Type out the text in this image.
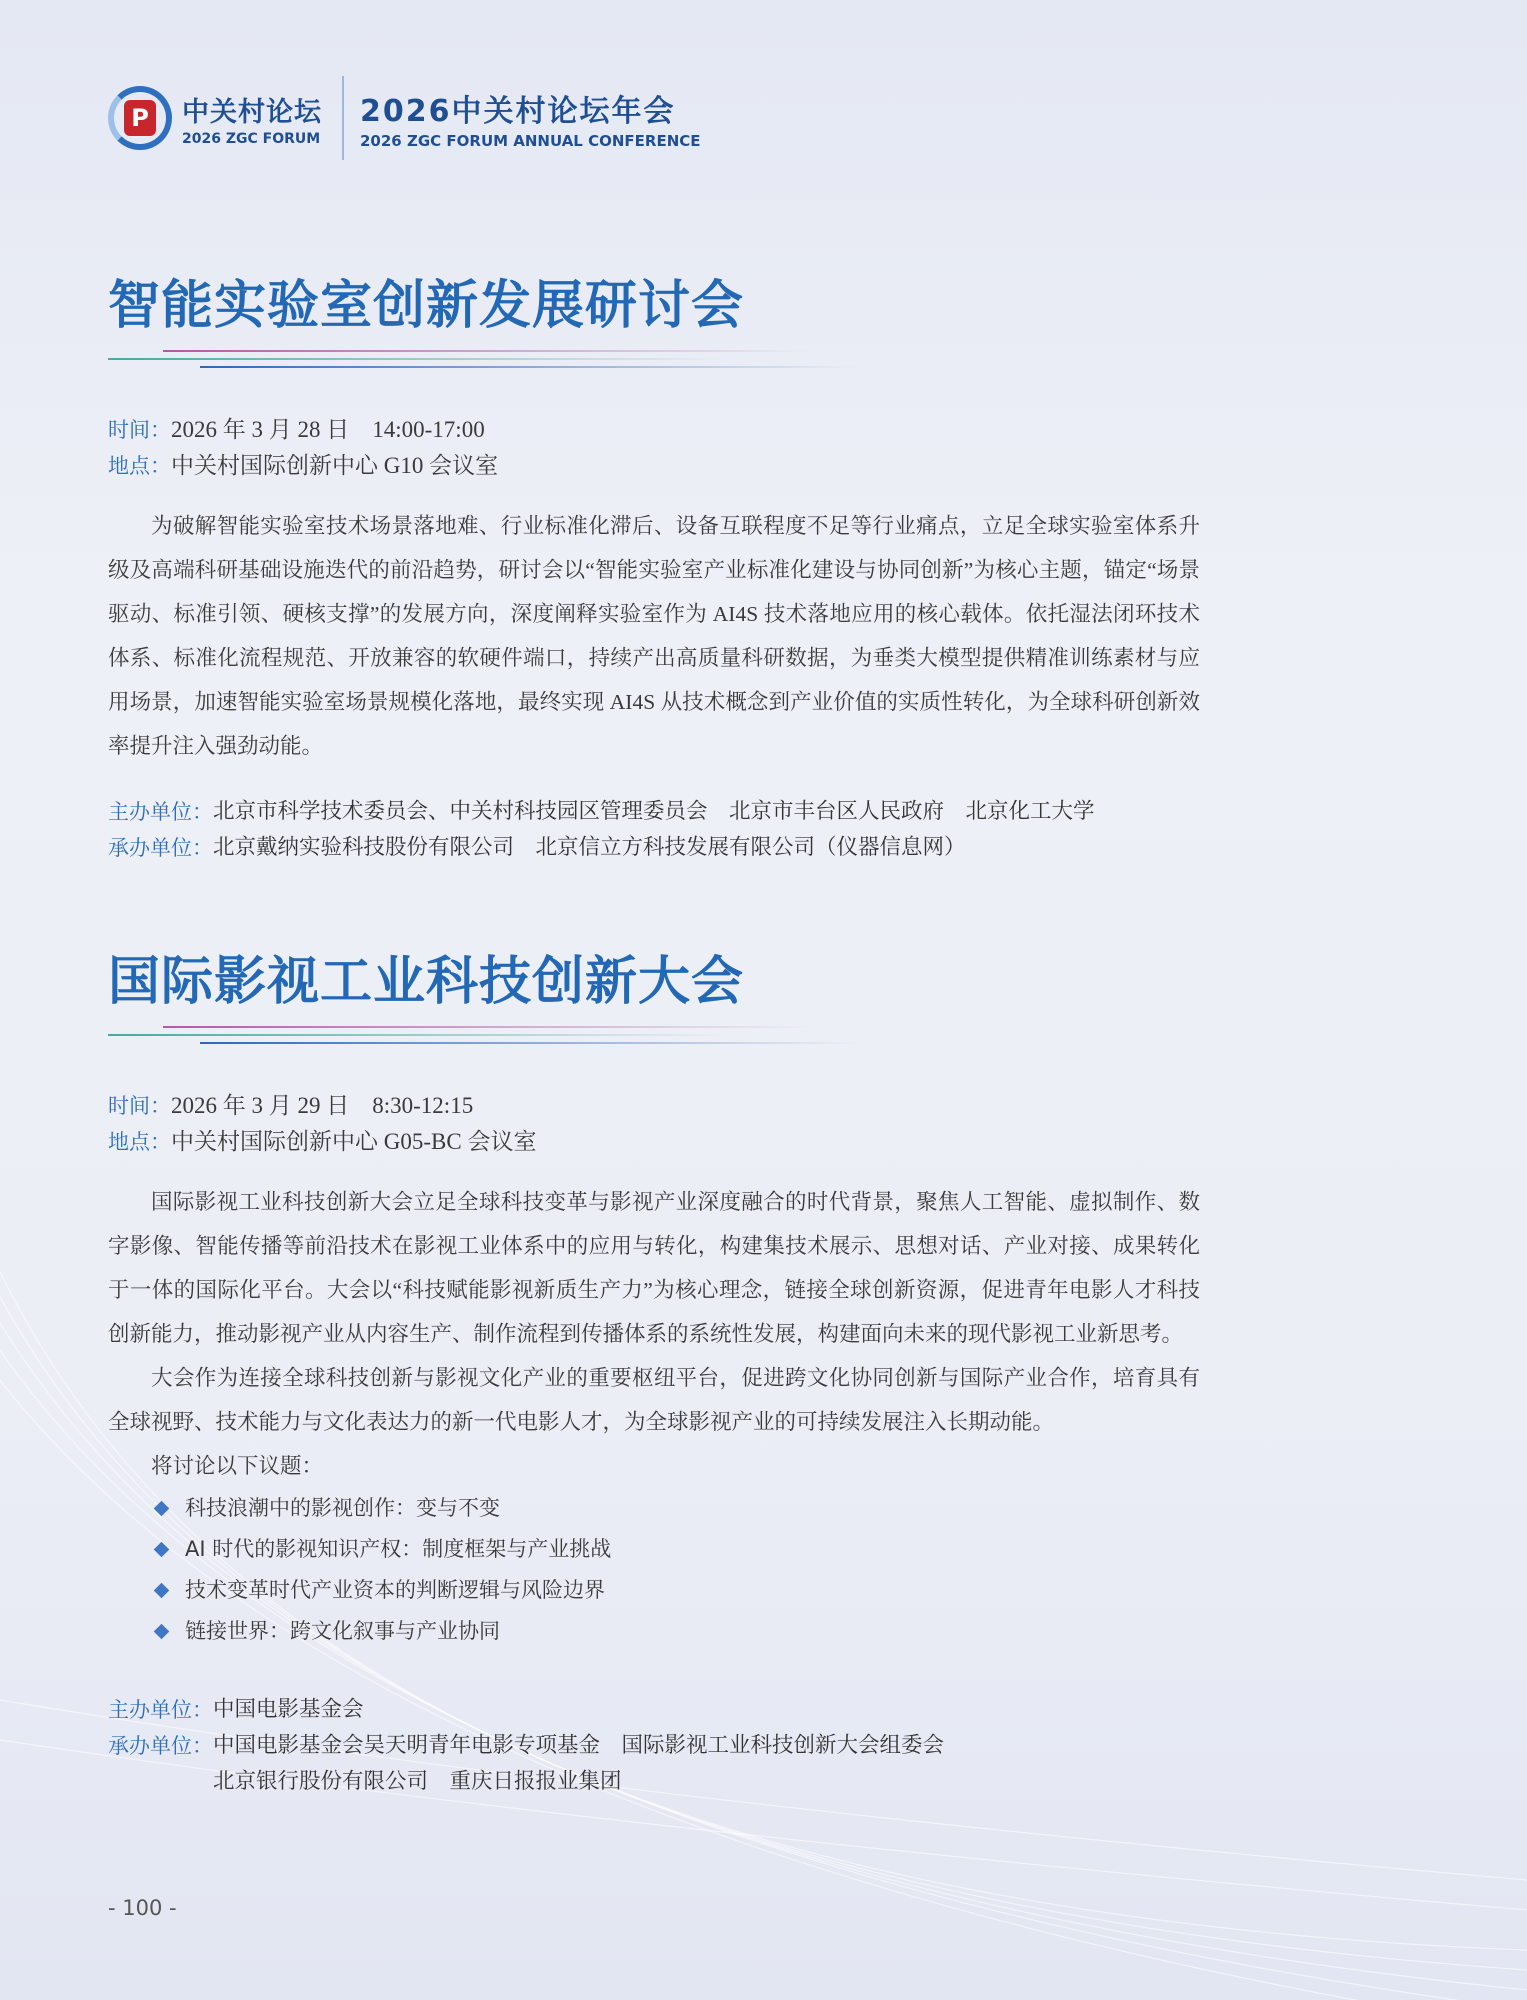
P 中关村论坛
2026 ZGC FORUM
2026中关村论坛年会
2026 ZGC FORUM ANNUAL CONFERENCE
智能实验室创新发展研讨会
时间：2026 年 3 月 28 日　14:00-17:00
地点：中关村国际创新中心 G10 会议室

为破解智能实验室技术场景落地难、行业标准化滞后、设备互联程度不足等行业痛点，立足全球实验室体系升级及高端科研基础设施迭代的前沿趋势，研讨会以“智能实验室产业标准化建设与协同创新”为核心主题，锚定“场景驱动、标准引领、硬核支撑”的发展方向，深度阐释实验室作为 AI4S 技术落地应用的核心载体。依托湿法闭环技术体系、标准化流程规范、开放兼容的软硬件端口，持续产出高质量科研数据，为垂类大模型提供精准训练素材与应用场景，加速智能实验室场景规模化落地，最终实现 AI4S 从技术概念到产业价值的实质性转化，为全球科研创新效率提升注入强劲动能。

主办单位： 北京市科学技术委员会、中关村科技园区管理委员会　北京市丰台区人民政府　北京化工大学
承办单位： 北京戴纳实验科技股份有限公司　北京信立方科技发展有限公司（仪器信息网）
国际影视工业科技创新大会
时间：2026 年 3 月 29 日　8:30-12:15
地点：中关村国际创新中心 G05-BC 会议室

国际影视工业科技创新大会立足全球科技变革与影视产业深度融合的时代背景，聚焦人工智能、虚拟制作、数字影像、智能传播等前沿技术在影视工业体系中的应用与转化，构建集技术展示、思想对话、产业对接、成果转化于一体的国际化平台。大会以“科技赋能影视新质生产力”为核心理念，链接全球创新资源，促进青年电影人才科技创新能力，推动影视产业从内容生产、制作流程到传播体系的系统性发展，构建面向未来的现代影视工业新思考。

大会作为连接全球科技创新与影视文化产业的重要枢纽平台，促进跨文化协同创新与国际产业合作，培育具有全球视野、技术能力与文化表达力的新一代电影人才，为全球影视产业的可持续发展注入长期动能。

将讨论以下议题：

科技浪潮中的影视创作：变与不变
AI 时代的影视知识产权：制度框架与产业挑战
技术变革时代产业资本的判断逻辑与风险边界
链接世界：跨文化叙事与产业协同
主办单位： 中国电影基金会
承办单位： 中国电影基金会吴天明青年电影专项基金　国际影视工业科技创新大会组委会
北京银行股份有限公司　重庆日报报业集团
- 100 -
